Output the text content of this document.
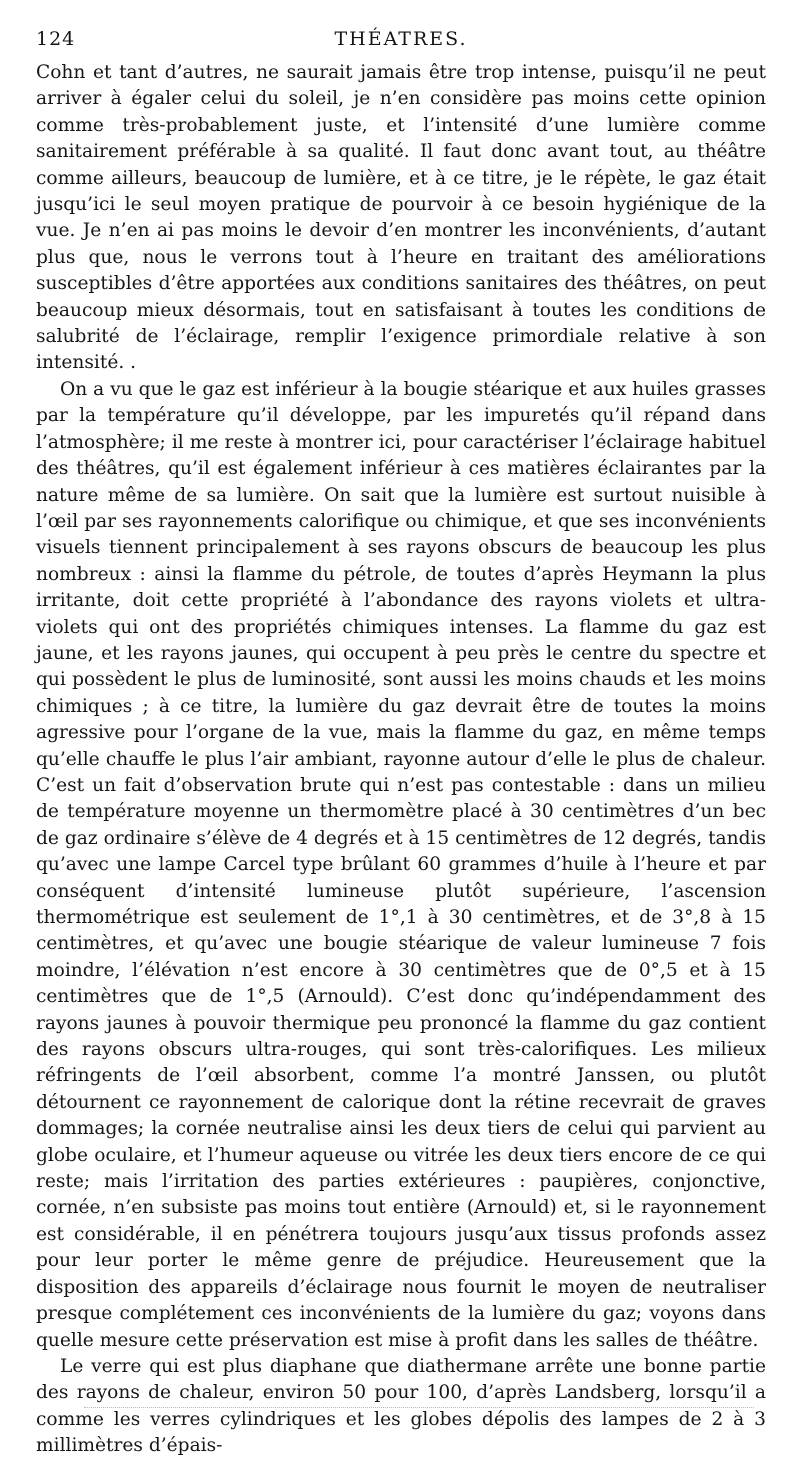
124	THÉATRES.

Cohn et tant d’autres, ne saurait jamais être trop intense, puisqu’il ne peut arriver à égaler celui du soleil, je n’en considère pas moins cette opinion comme très-probablement juste, et l’intensité d’une lumière comme sanitairement préférable à sa qualité. Il faut donc avant tout, au théâtre comme ailleurs, beaucoup de lumière, et à ce titre, je le répète, le gaz était jusqu’ici le seul moyen pratique de pourvoir à ce besoin hygiénique de la vue. Je n’en ai pas moins le devoir d’en montrer les inconvénients, d’autant plus que, nous le verrons tout à l’heure en traitant des améliorations susceptibles d’être apportées aux conditions sanitaires des théâtres, on peut beaucoup mieux désormais, tout en satisfaisant à toutes les conditions de salubrité de l’éclairage, remplir l’exigence primordiale relative à son intensité. .

On a vu que le gaz est inférieur à la bougie stéarique et aux huiles grasses par la température qu’il développe, par les impuretés qu’il répand dans l’atmosphère; il me reste à montrer ici, pour caractériser l’éclairage habituel des théâtres, qu’il est également inférieur à ces matières éclairantes par la nature même de sa lumière. On sait que la lumière est surtout nuisible à l’œil par ses rayonnements calorifique ou chimique, et que ses inconvénients visuels tiennent principalement à ses rayons obscurs de beaucoup les plus nombreux : ainsi la flamme du pétrole, de toutes d’après Heymann la plus irritante, doit cette propriété à l’abondance des rayons violets et ultra-violets qui ont des propriétés chimiques intenses. La flamme du gaz est jaune, et les rayons jaunes, qui occupent à peu près le centre du spectre et qui possèdent le plus de luminosité, sont aussi les moins chauds et les moins chimiques ; à ce titre, la lumière du gaz devrait être de toutes la moins agressive pour l’organe de la vue, mais la flamme du gaz, en même temps qu’elle chauffe le plus l’air ambiant, rayonne autour d’elle le plus de chaleur. C’est un fait d’observation brute qui n’est pas contestable : dans un milieu de température moyenne un thermomètre placé à 30 centimètres d’un bec de gaz ordinaire s’élève de 4 degrés et à 15 centimètres de 12 degrés, tandis qu’avec une lampe Carcel type brûlant 60 grammes d’huile à l’heure et par conséquent d’intensité lumineuse plutôt supérieure, l’ascension thermométrique est seulement de 1°,1 à 30 centimètres, et de 3°,8 à 15 centimètres, et qu’avec une bougie stéarique de valeur lumineuse 7 fois moindre, l’élévation n’est encore à 30 centimètres que de 0°,5 et à 15 centimètres que de 1°,5 (Arnould). C’est donc qu’indépendamment des rayons jaunes à pouvoir thermique peu prononcé la flamme du gaz contient des rayons obscurs ultra-rouges, qui sont très-calorifiques. Les milieux réfringents de l’œil absorbent, comme l’a montré Janssen, ou plutôt détournent ce rayonnement de calorique dont la rétine recevrait de graves dommages; la cornée neutralise ainsi les deux tiers de celui qui parvient au globe oculaire, et l’humeur aqueuse ou vitrée les deux tiers encore de ce qui reste; mais l’irritation des parties extérieures : paupières, conjonctive, cornée, n’en subsiste pas moins tout entière (Arnould) et, si le rayonnement est considérable, il en pénétrera toujours jusqu’aux tissus profonds assez pour leur porter le même genre de préjudice. Heureusement que la disposition des appareils d’éclairage nous fournit le moyen de neutraliser presque complétement ces inconvénients de la lumière du gaz; voyons dans quelle mesure cette préservation est mise à profit dans les salles de théâtre.

Le verre qui est plus diaphane que diathermane arrête une bonne partie des rayons de chaleur, environ 50 pour 100, d’après Landsberg, lorsqu’il a comme les verres cylindriques et les globes dépolis des lampes de 2 à 3 millimètres d’épais-
